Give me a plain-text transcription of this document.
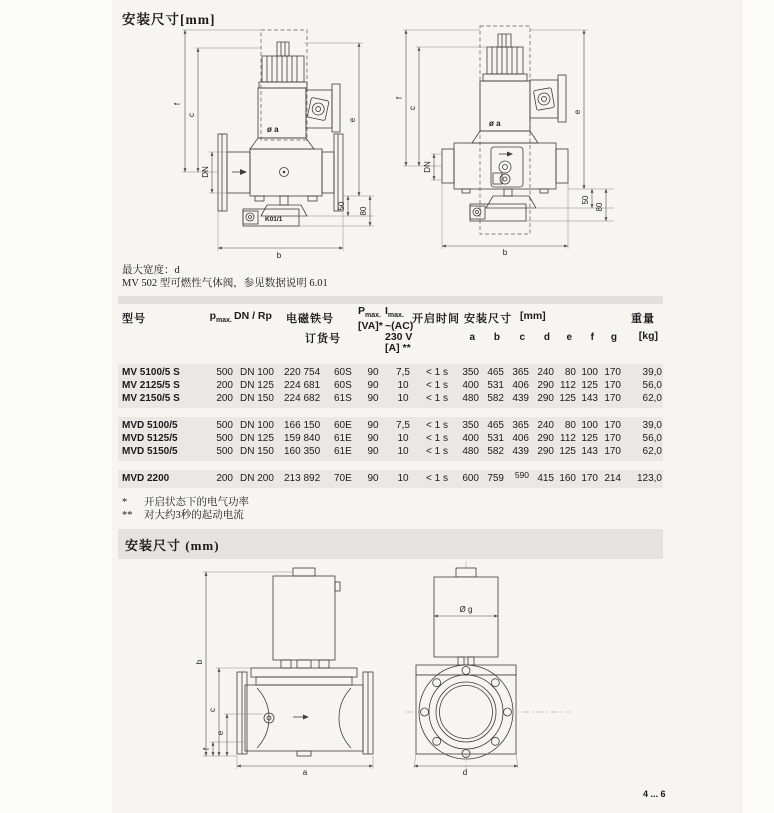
安装尺寸[mm]
f
c
DN
ø a
e
50
80
K01/1
b
f
c
DN
ø a
e
50
80
b
最大宽度：d
MV 502 型可燃性气体阀，参见数据说明 6.01
型号	$p_{max.}$ DN / Rp 电磁铁号
订货号
$P_{max.}$
[VA]*
$I_{max.}$
~(AC)
230 V
[A] **
开启时间 安装尺寸 [mm]
a b c d e f g
重量
[kg]
MV 5100/5 S	500 DN 100	220 754	60S	90	7,5	< 1 s	350 465 365 240	80 100 170	39,0
MV 2125/5 S	200 DN 125	224 681	60S	90	10	< 1 s	400 531 406 290 112 125 170	56,0
MV 2150/5 S	200 DN 150	224 682	61S	90	10	< 1 s	480 582 439 290 125 143 170	62,0
MVD 5100/5	500 DN 100	166 150	60E	90	7,5	< 1 s	350 465 365 240	80 100 170	39,0
MVD 5125/5	500 DN 125	159 840	61E	90	10	< 1 s	400 531 406 290 112 125 170	56,0
MVD 5150/5	500 DN 150	160 350	61E	90	10	< 1 s	480 582 439 290 125 143 170	62,0
MVD 2200	200 DN 200	213 892	70E	90	10	< 1 s	600 759	590 415 160 170 214	123,0
*	开启状态下的电气功率
**	对大约3秒的起动电流
安装尺寸 (mm)
b
c
e
f
a
Ø g
d
4 ... 6
